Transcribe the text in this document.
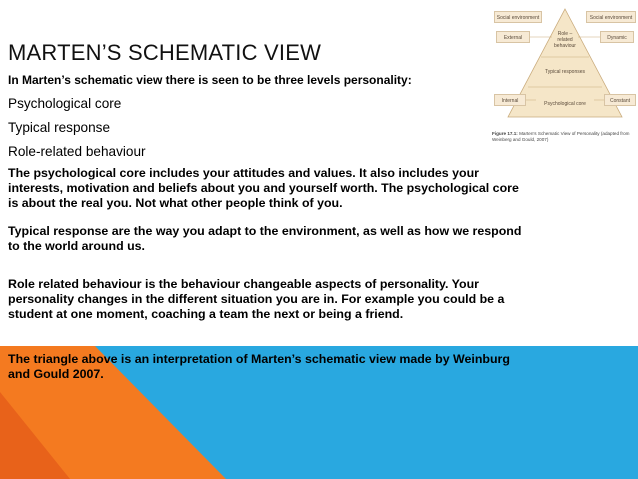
MARTEN’S SCHEMATIC VIEW
In Marten’s schematic view there is seen to be three levels personality:
Psychological core
Typical response
Role-related behaviour
The psychological core includes your attitudes and values. It also includes your
interests, motivation and beliefs about you and yourself worth. The psychological core
is about the real you. Not what other people think of you.
Typical response are the way you adapt to the environment, as well as how we respond
to the world around us.
Role related behaviour is the behaviour changeable aspects of personality. Your
personality changes in the different situation you are in. For example you could be a
student at one moment, coaching a team the next or being a friend.
The triangle above is an interpretation of Marten’s schematic view made by Weinburg
and Gould 2007.
Social environment	Social environment
External	Dynamic
Internal	Constant
Role – related behaviour
Typical responses
Psychological core
Figure 17.1: Marten’s Schematic View of Personality (adapted from Weinberg and Gould, 2007)
